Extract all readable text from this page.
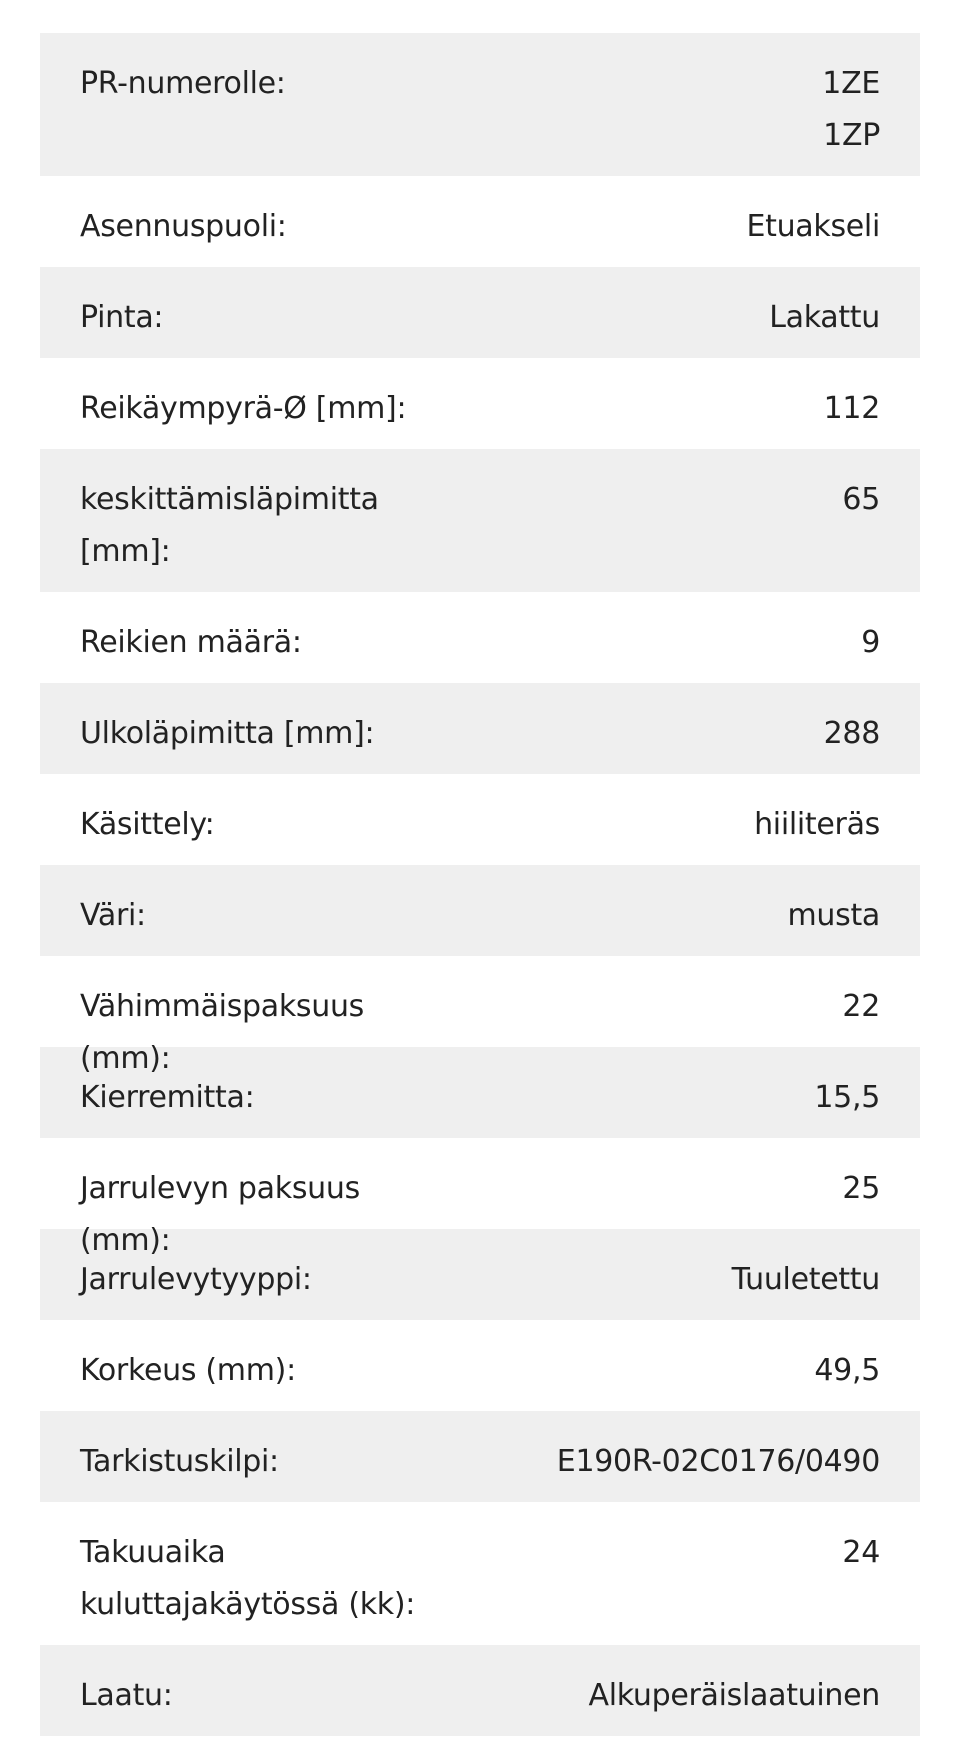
PR-numerolle:	1ZE
1ZP
Asennuspuoli:	Etuakseli
Pinta:	Lakattu
Reikäympyrä-Ø [mm]:	112
keskittämisläpimitta [mm]:
65
Reikien määrä:	9
Ulkoläpimitta [mm]:	288
Käsittely:	hiiliteräs
Väri:	musta
Vähimmäispaksuus (mm):
22
Kierremitta:	15,5
Jarrulevyn paksuus (mm):
25
Jarrulevytyyppi:	Tuuletettu
Korkeus (mm):	49,5
Tarkistuskilpi:	E190R-02C0176/0490
Takuuaika kuluttajakäytössä (kk):
24
Laatu:	Alkuperäislaatuinen
